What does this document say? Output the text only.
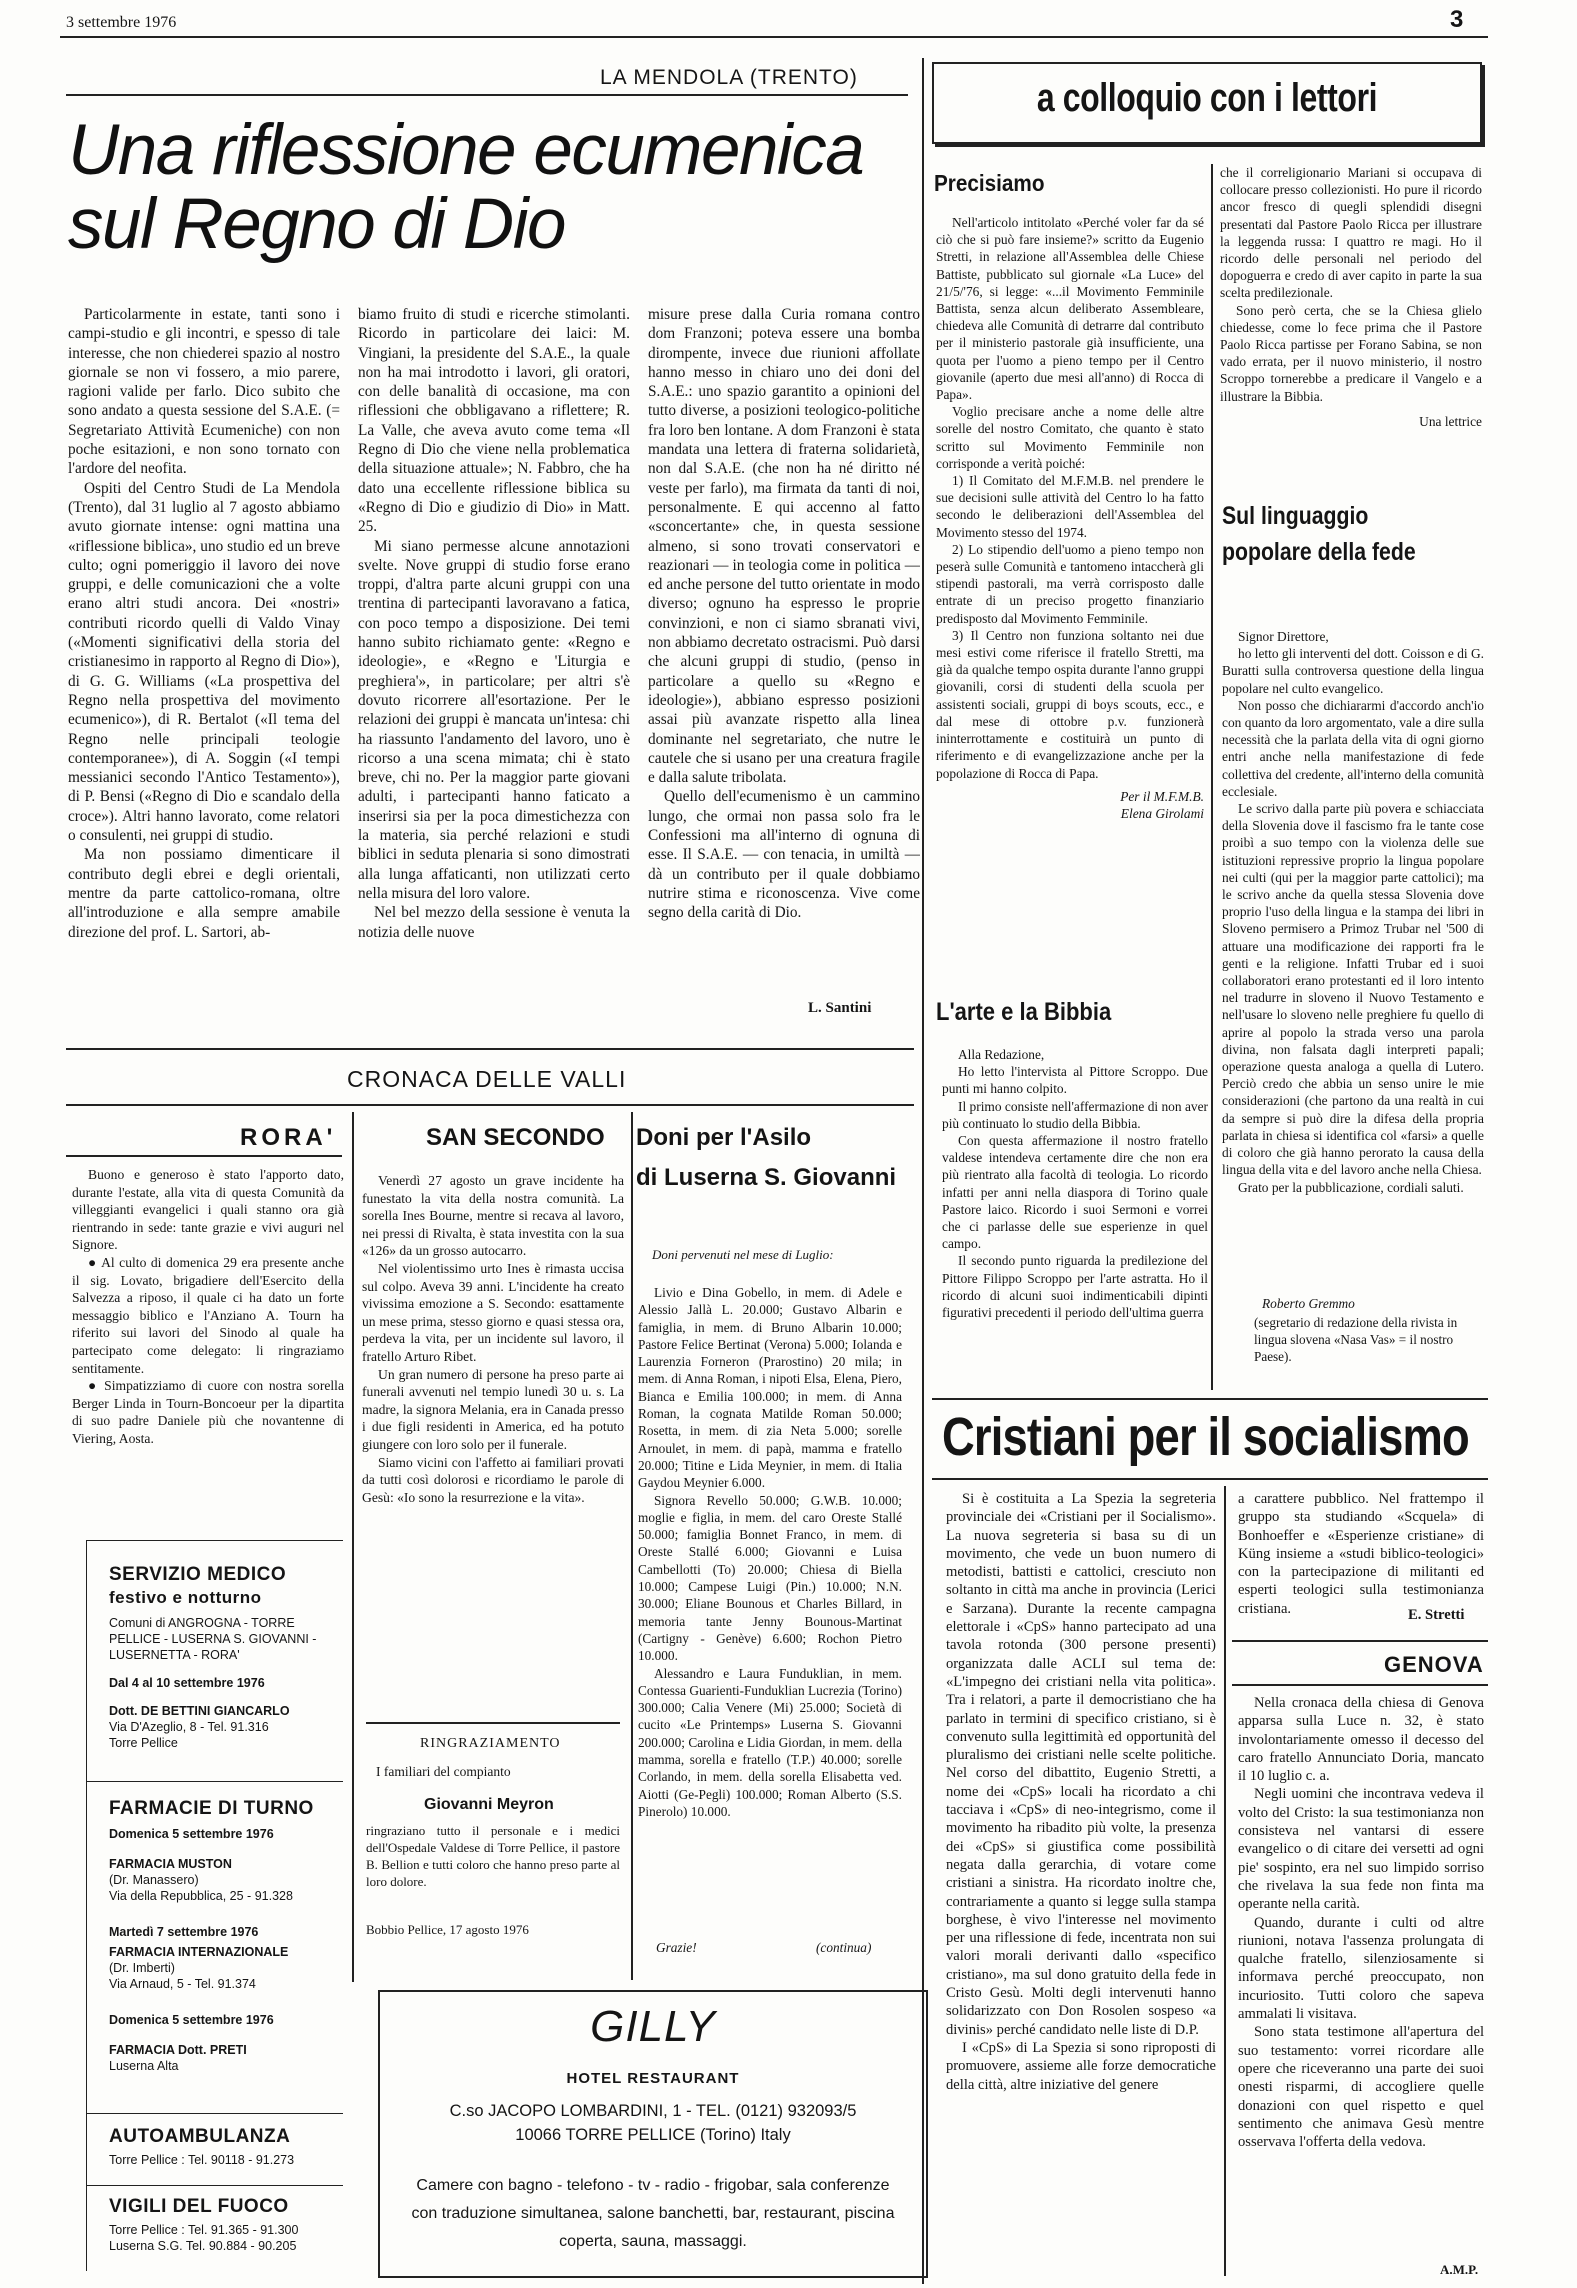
3 settembre 1976	3
LA MENDOLA (TRENTO)
Una riflessione ecumenica
sul Regno di Dio

Particolarmente in estate, tanti sono i campi-studio e gli incontri, e spesso di tale interesse, che non chiederei spazio al nostro giornale se non vi fossero, a mio parere, ragioni valide per farlo. Dico subito che sono andato a questa sessione del S.A.E. (= Segretariato Attività Ecumeniche) con non poche esitazioni, e non sono tornato con l'ardore del neofita.

Ospiti del Centro Studi de La Mendola (Trento), dal 31 luglio al 7 agosto abbiamo avuto giornate intense: ogni mattina una «riflessione biblica», uno studio ed un breve culto; ogni pomeriggio il lavoro dei nove gruppi, e delle comunicazioni che a volte erano altri studi ancora. Dei «nostri» contributi ricordo quelli di Valdo Vinay («Momenti significativi della storia del cristianesimo in rapporto al Regno di Dio»), di G. G. Williams («La prospettiva del Regno nella prospettiva del movimento ecumenico»), di R. Bertalot («Il tema del Regno nelle principali teologie contemporanee»), di A. Soggin («I tempi messianici secondo l'Antico Testamento»), di P. Bensi («Regno di Dio e scandalo della croce»). Altri hanno lavorato, come relatori o consulenti, nei gruppi di studio.

Ma non possiamo dimenticare il contributo degli ebrei e degli orientali, mentre da parte cattolico-romana, oltre all'introduzione e alla sempre amabile direzione del prof. L. Sartori, ab-

biamo fruito di studi e ricerche stimolanti. Ricordo in particolare dei laici: M. Vingiani, la presidente del S.A.E., la quale non ha mai introdotto i lavori, gli oratori, con delle banalità di occasione, ma con riflessioni che obbligavano a riflettere; R. La Valle, che aveva avuto come tema «Il Regno di Dio che viene nella problematica della situazione attuale»; N. Fabbro, che ha dato una eccellente riflessione biblica su «Regno di Dio e giudizio di Dio» in Matt. 25.

Mi siano permesse alcune annotazioni svelte. Nove gruppi di studio forse erano troppi, d'altra parte alcuni gruppi con una trentina di partecipanti lavoravano a fatica, con poco tempo a disposizione. Dei temi hanno subito richiamato gente: «Regno e ideologie», e «Regno e 'Liturgia e preghiera'», in particolare; per altri s'è dovuto ricorrere all'esortazione. Per le relazioni dei gruppi è mancata un'intesa: chi ha riassunto l'andamento del lavoro, uno è ricorso a una scena mimata; chi è stato breve, chi no. Per la maggior parte giovani adulti, i partecipanti hanno faticato a inserirsi sia per la poca dimestichezza con la materia, sia perché relazioni e studi biblici in seduta plenaria si sono dimostrati alla lunga affaticanti, non utilizzati certo nella misura del loro valore.

Nel bel mezzo della sessione è venuta la notizia delle nuove

misure prese dalla Curia romana contro dom Franzoni; poteva essere una bomba dirompente, invece due riunioni affollate hanno messo in chiaro uno dei doni del S.A.E.: uno spazio garantito a opinioni del tutto diverse, a posizioni teologico-politiche fra loro ben lontane. A dom Franzoni è stata mandata una lettera di fraterna solidarietà, non dal S.A.E. (che non ha né diritto né veste per farlo), ma firmata da tanti di noi, personalmente. E qui accenno al fatto «sconcertante» che, in questa sessione almeno, si sono trovati conservatori e reazionari — in teologia come in politica — ed anche persone del tutto orientate in modo diverso; ognuno ha espresso le proprie convinzioni, e non ci siamo sbranati vivi, non abbiamo decretato ostracismi. Può darsi che alcuni gruppi di studio, (penso in particolare a quello su «Regno e ideologie»), abbiano espresso posizioni assai più avanzate rispetto alla linea dominante nel segretariato, che nutre le cautele che si usano per una creatura fragile e dalla salute tribolata.

Quello dell'ecumenismo è un cammino lungo, che ormai non passa solo fra le Confessioni ma all'interno di ognuna di esse. Il S.A.E. — con tenacia, in umiltà — dà un contributo per il quale dobbiamo nutrire stima e riconoscenza. Vive come segno della carità di Dio.

L. Santini
CRONACA DELLE VALLI
RORA'

Buono e generoso è stato l'apporto dato, durante l'estate, alla vita di questa Comunità da villeggianti evangelici i quali stanno ora già rientrando in sede: tante grazie e vivi auguri nel Signore.

● Al culto di domenica 29 era presente anche il sig. Lovato, brigadiere dell'Esercito della Salvezza a riposo, il quale ci ha dato un forte messaggio biblico e l'Anziano A. Tourn ha riferito sui lavori del Sinodo al quale ha partecipato come delegato: li ringraziamo sentitamente.

● Simpatizziamo di cuore con nostra sorella Berger Linda in Tourn-Boncoeur per la dipartita di suo padre Daniele più che novantenne di Viering, Aosta.

SAN SECONDO

Venerdì 27 agosto un grave incidente ha funestato la vita della nostra comunità. La sorella Ines Bourne, mentre si recava al lavoro, nei pressi di Rivalta, è stata investita con la sua «126» da un grosso autocarro.

Nel violentissimo urto Ines è rimasta uccisa sul colpo. Aveva 39 anni. L'incidente ha creato vivissima emozione a S. Secondo: esattamente un mese prima, stesso giorno e quasi stessa ora, perdeva la vita, per un incidente sul lavoro, il fratello Arturo Ribet.

Un gran numero di persone ha preso parte ai funerali avvenuti nel tempio lunedì 30 u. s. La madre, la signora Melania, era in Canada presso i due figli residenti in America, ed ha potuto giungere con loro solo per il funerale.

Siamo vicini con l'affetto ai familiari provati da tutti così dolorosi e ricordiamo le parole di Gesù: «Io sono la resurrezione e la vita».

Doni per l'Asilo
di Luserna S. Giovanni
Doni pervenuti nel mese di Luglio:

Livio e Dina Gobello, in mem. di Adele e Alessio Jallà L. 20.000; Gustavo Albarin e famiglia, in mem. di Bruno Albarin 10.000; Pastore Felice Bertinat (Verona) 5.000; Iolanda e Laurenzia Forneron (Prarostino) 20 mila; in mem. di Anna Roman, i nipoti Elsa, Elena, Piero, Bianca e Emilia 100.000; in mem. di Anna Roman, la cognata Matilde Roman 50.000; Rosetta, in mem. di zia Neta 5.000; sorelle Arnoulet, in mem. di papà, mamma e fratello 20.000; Titine e Lida Meynier, in mem. di Italia Gaydou Meynier 6.000.

Signora Revello 50.000; G.W.B. 10.000; moglie e figlia, in mem. del caro Oreste Stallé 50.000; famiglia Bonnet Franco, in mem. di Oreste Stallé 6.000; Giovanni e Luisa Cambellotti (To) 20.000; Chiesa di Biella 10.000; Campese Luigi (Pin.) 10.000; N.N. 30.000; Eliane Bounous et Charles Billard, in memoria tante Jenny Bounous-Martinat (Cartigny - Genève) 6.600; Rochon Pietro 10.000.

Alessandro e Laura Funduklian, in mem. Contessa Guarienti-Funduklian Lucrezia (Torino) 300.000; Calia Venere (Mi) 25.000; Società di cucito «Le Printemps» Luserna S. Giovanni 200.000; Carolina e Lidia Giordan, in mem. della mamma, sorella e fratello (T.P.) 40.000; sorelle Corlando, in mem. della sorella Elisabetta ved. Aiotti (Ge-Pegli) 100.000; Roman Alberto (S.S. Pinerolo) 10.000.

Grazie!	(continua)
RINGRAZIAMENTO
I familiari del compianto
Giovanni Meyron

ringraziano tutto il personale e i medici dell'Ospedale Valdese di Torre Pellice, il pastore B. Bellion e tutti coloro che hanno preso parte al loro dolore.

Bobbio Pellice, 17 agosto 1976
SERVIZIO MEDICO
festivo e notturno
Comuni di ANGROGNA - TORRE PELLICE - LUSERNA S. GIOVANNI - LUSERNETTA - RORA'
Dal 4 al 10 settembre 1976
Dott. DE BETTINI GIANCARLO
Via D'Azeglio, 8 - Tel. 91.316
Torre Pellice
FARMACIE DI TURNO
Domenica 5 settembre 1976
FARMACIA MUSTON
(Dr. Manassero)
Via della Repubblica, 25 - 91.328
Martedì 7 settembre 1976
FARMACIA INTERNAZIONALE
(Dr. Imberti)
Via Arnaud, 5 - Tel. 91.374
Domenica 5 settembre 1976
FARMACIA Dott. PRETI
Luserna Alta
AUTOAMBULANZA
Torre Pellice : Tel. 90118 - 91.273
VIGILI DEL FUOCO
Torre Pellice : Tel. 91.365 - 91.300
Luserna S.G. Tel. 90.884 - 90.205
GILLY
HOTEL RESTAURANT
C.so JACOPO LOMBARDINI, 1 - TEL. (0121) 932093/5
10066 TORRE PELLICE (Torino) Italy
Camere con bagno - telefono - tv - radio - frigobar, sala conferenze con traduzione simultanea, salone banchetti, bar, restaurant, piscina coperta, sauna, massaggi.
a colloquio con i lettori
Precisiamo

Nell'articolo intitolato «Perché voler far da sé ciò che si può fare insieme?» scritto da Eugenio Stretti, in relazione all'Assemblea delle Chiese Battiste, pubblicato sul giornale «La Luce» del 21/5/'76, si legge: «...il Movimento Femminile Battista, senza alcun deliberato Assembleare, chiedeva alle Comunità di detrarre dal contributo per il ministerio pastorale già insufficiente, una quota per l'uomo a pieno tempo per il Centro giovanile (aperto due mesi all'anno) di Rocca di Papa».

Voglio precisare anche a nome delle altre sorelle del nostro Comitato, che quanto è stato scritto sul Movimento Femminile non corrisponde a verità poiché:

1) Il Comitato del M.F.M.B. nel prendere le sue decisioni sulle attività del Centro lo ha fatto secondo le deliberazioni dell'Assemblea del Movimento stesso del 1974.

2) Lo stipendio dell'uomo a pieno tempo non peserà sulle Comunità e tantomeno intaccherà gli stipendi pastorali, ma verrà corrisposto dalle entrate di un preciso progetto finanziario predisposto dal Movimento Femminile.

3) Il Centro non funziona soltanto nei due mesi estivi come riferisce il fratello Stretti, ma già da qualche tempo ospita durante l'anno gruppi giovanili, corsi di studenti della scuola per assistenti sociali, gruppi di boys scouts, ecc., e dal mese di ottobre p.v. funzionerà ininterrottamente e costituirà un punto di riferimento e di evangelizzazione anche per la popolazione di Rocca di Papa.

Per il M.F.M.B.

Elena Girolami

L'arte e la Bibbia

Alla Redazione,

Ho letto l'intervista al Pittore Scroppo. Due punti mi hanno colpito.

Il primo consiste nell'affermazione di non aver più continuato lo studio della Bibbia.

Con questa affermazione il nostro fratello valdese intendeva certamente dire che non era più rientrato alla facoltà di teologia. Lo ricordo infatti per anni nella diaspora di Torino quale Pastore laico. Ricordo i suoi Sermoni e vorrei che ci parlasse delle sue esperienze in quel campo.

Il secondo punto riguarda la predilezione del Pittore Filippo Scroppo per l'arte astratta. Ho il ricordo di alcuni suoi indimenticabili dipinti figurativi precedenti il periodo dell'ultima guerra

che il correligionario Mariani si occupava di collocare presso collezionisti. Ho pure il ricordo ancor fresco di quegli splendidi disegni presentati dal Pastore Paolo Ricca per illustrare la leggenda russa: I quattro re magi. Ho il ricordo delle personali nel periodo del dopoguerra e credo di aver capito in parte la sua scelta predilezionale.

Sono però certa, che se la Chiesa glielo chiedesse, come lo fece prima che il Pastore Paolo Ricca partisse per Forano Sabina, se non vado errata, per il nuovo ministerio, il nostro Scroppo tornerebbe a predicare il Vangelo e a illustrare la Bibbia.

Una lettrice

Sul linguaggio
popolare della fede

Signor Direttore,

ho letto gli interventi del dott. Coisson e di G. Buratti sulla controversa questione della lingua popolare nel culto evangelico.

Non posso che dichiararmi d'accordo anch'io con quanto da loro argomentato, vale a dire sulla necessità che la parlata della vita di ogni giorno entri anche nella manifestazione di fede collettiva del credente, all'interno della comunità ecclesiale.

Le scrivo dalla parte più povera e schiacciata della Slovenia dove il fascismo fra le tante cose proibì a suo tempo con la violenza delle sue istituzioni repressive proprio la lingua popolare nei culti (qui per la maggior parte cattolici); ma le scrivo anche da quella stessa Slovenia dove proprio l'uso della lingua e la stampa dei libri in Sloveno permisero a Primoz Trubar nel '500 di attuare una modificazione dei rapporti fra le genti e la religione. Infatti Trubar ed i suoi collaboratori erano protestanti ed il loro intento nel tradurre in sloveno il Nuovo Testamento e nell'usare lo sloveno nelle preghiere fu quello di aprire al popolo la strada verso una parola divina, non falsata dagli interpreti papali; operazione questa analoga a quella di Lutero. Perciò credo che abbia un senso unire le mie considerazioni (che partono da una realtà in cui da sempre si può dire la difesa della propria parlata in chiesa si identifica col «farsi» a quelle di coloro che già hanno perorato la causa della lingua della vita e del lavoro anche nella Chiesa.

Grato per la pubblicazione, cordiali saluti.

Roberto Gremmo
(segretario di redazione della rivista in lingua slovena «Nasa Vas» = il nostro Paese).
Cristiani per il socialismo

Si è costituita a La Spezia la segreteria provinciale dei «Cristiani per il Socialismo». La nuova segreteria si basa su di un movimento, che vede un buon numero di metodisti, battisti e cattolici, cresciuto non soltanto in città ma anche in provincia (Lerici e Sarzana). Durante la recente campagna elettorale i «CpS» hanno partecipato ad una tavola rotonda (300 persone presenti) organizzata dalle ACLI sul tema de: «L'impegno dei cristiani nella vita politica». Tra i relatori, a parte il democristiano che ha parlato in termini di specifico cristiano, si è convenuto sulla legittimità ed opportunità del pluralismo dei cristiani nelle scelte politiche. Nel corso del dibattito, Eugenio Stretti, a nome dei «CpS» locali ha ricordato a chi tacciava i «CpS» di neo-integrismo, come il movimento ha ribadito più volte, la presenza dei «CpS» si giustifica come possibilità negata dalla gerarchia, di votare come cristiani a sinistra. Ha ricordato inoltre che, contrariamente a quanto si legge sulla stampa borghese, è vivo l'interesse nel movimento per una riflessione di fede, incentrata non sui valori morali derivanti dallo «specifico cristiano», ma sul dono gratuito della fede in Cristo Gesù. Molti degli intervenuti hanno solidarizzato con Don Rosolen sospeso «a divinis» perché candidato nelle liste di D.P.

I «CpS» di La Spezia si sono riproposti di promuovere, assieme alle forze democratiche della città, altre iniziative del genere

a carattere pubblico. Nel frattempo il gruppo sta studiando «Scquela» di Bonhoeffer e «Esperienze cristiane» di Küng insieme a «studi biblico-teologici» con la partecipazione di militanti ed esperti teologici sulla testimonianza cristiana.	E. Stretti
GENOVA

Nella cronaca della chiesa di Genova apparsa sulla Luce n. 32, è stato involontariamente omesso il decesso del caro fratello Annunciato Doria, mancato il 10 luglio c. a.

Negli uomini che incontrava vedeva il volto del Cristo: la sua testimonianza non consisteva nel vantarsi di essere evangelico o di citare dei versetti ad ogni pie' sospinto, era nel suo limpido sorriso che rivelava la sua fede non finta ma operante nella carità.

Quando, durante i culti od altre riunioni, notava l'assenza prolungata di qualche fratello, silenziosamente si informava perché preoccupato, non incuriosito. Tutti coloro che sapeva ammalati li visitava.

Sono stata testimone all'apertura del suo testamento: vorrei ricordare alle opere che riceveranno una parte dei suoi onesti risparmi, di accogliere quelle donazioni con quel rispetto e quel sentimento che animava Gesù mentre osservava l'offerta della vedova.

A.M.P.
